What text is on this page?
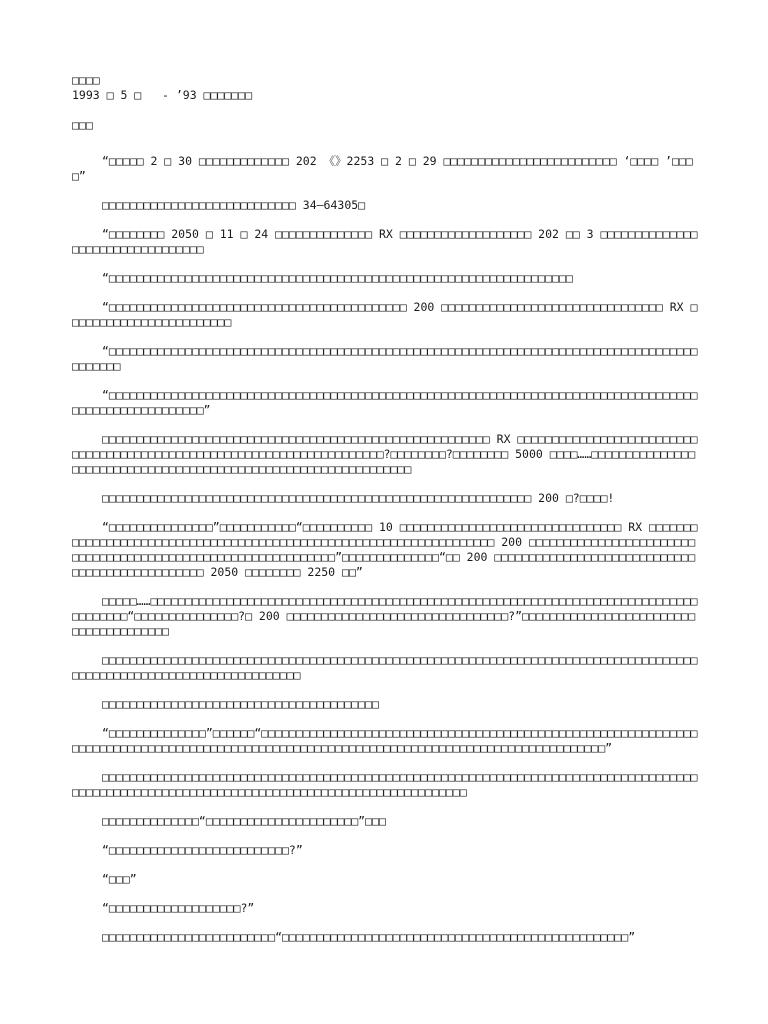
□□□□

1993 □ 5 □   - ’93 □□□□□□□

□□□

“□□□□□ 2 □ 30 □□□□□□□□□□□□□ 202 《》2253 □ 2 □ 29 □□□□□□□□□□□□□□□□□□□□□□□□□ ‘□□□□ ’□□□□”

□□□□□□□□□□□□□□□□□□□□□□□□□□□□ 34—64305□

“□□□□□□□□ 2050 □ 11 □ 24 □□□□□□□□□□□□□□ RX □□□□□□□□□□□□□□□□□□□ 202 □□ 3 □□□□□□□□□□□□□□□□□□□□□□□□□□□□□□□□□

“□□□□□□□□□□□□□□□□□□□□□□□□□□□□□□□□□□□□□□□□□□□□□□□□□□□□□□□□□□□□□□□□□□□

“□□□□□□□□□□□□□□□□□□□□□□□□□□□□□□□□□□□□□□□□□□□ 200 □□□□□□□□□□□□□□□□□□□□□□□□□□□□□□□□ RX □□□□□□□□□□□□□□□□□□□□□□□□

“□□□□□□□□□□□□□□□□□□□□□□□□□□□□□□□□□□□□□□□□□□□□□□□□□□□□□□□□□□□□□□□□□□□□□□□□□□□□□□□□□□□□□□□□□□□□

“□□□□□□□□□□□□□□□□□□□□□□□□□□□□□□□□□□□□□□□□□□□□□□□□□□□□□□□□□□□□□□□□□□□□□□□□□□□□□□□□□□□□□□□□□□□□□□□□□□□□□□□□”

□□□□□□□□□□□□□□□□□□□□□□□□□□□□□□□□□□□□□□□□□□□□□□□□□□□□□□□□ RX □□□□□□□□□□□□□□□□□□□□□□□□□□□□□□□□□□□□□□□□□□□□□□□□□□□□□□□□□□□□□□□□□□□□□□□?□□□□□□□□?□□□□□□□□ 5000 □□□□……□□□□□□□□□□□□□□□□□□□□□□□□□□□□□□□□□□□□□□□□□□□□□□□□□□□□□□□□□□□□□□□□

□□□□□□□□□□□□□□□□□□□□□□□□□□□□□□□□□□□□□□□□□□□□□□□□□□□□□□□□□□□□□□ 200 □?□□□□!

“□□□□□□□□□□□□□□□”□□□□□□□□□□□“□□□□□□□□□□ 10 □□□□□□□□□□□□□□□□□□□□□□□□□□□□□□□□ RX □□□□□□□□□□□□□□□□□□□□□□□□□□□□□□□□□□□□□□□□□□□□□□□□□□□□□□□□□□□□□□□□□□□□ 200 □□□□□□□□□□□□□□□□□□□□□□□□□□□□□□□□□□□□□□□□□□□□□□□□□□□□□□□□□□□□□□”□□□□□□□□□□□□□□“□□ 200 □□□□□□□□□□□□□□□□□□□□□□□□□□□□□□□□□□□□□□□□□□□□□□□□ 2050 □□□□□□□□ 2250 □□”

□□□□□……□□□□□□□□□□□□□□□□□□□□□□□□□□□□□□□□□□□□□□□□□□□□□□□□□□□□□□□□□□□□□□□□□□□□□□□□□□□□□□□□□□□□□□□“□□□□□□□□□□□□□□□?□ 200 □□□□□□□□□□□□□□□□□□□□□□□□□□□□□□□□?”□□□□□□□□□□□□□□□□□□□□□□□□□□□□□□□□□□□□□□□

□□□□□□□□□□□□□□□□□□□□□□□□□□□□□□□□□□□□□□□□□□□□□□□□□□□□□□□□□□□□□□□□□□□□□□□□□□□□□□□□□□□□□□□□□□□□□□□□□□□□□□□□□□□□□□□□□□□□□□□

□□□□□□□□□□□□□□□□□□□□□□□□□□□□□□□□□□□□□□□□

“□□□□□□□□□□□□□□”□□□□□□“□□□□□□□□□□□□□□□□□□□□□□□□□□□□□□□□□□□□□□□□□□□□□□□□□□□□□□□□□□□□□□□□□□□□□□□□□□□□□□□□□□□□□□□□□□□□□□□□□□□□□□□□□□□□□□□□□□□□□□□□□□□□□□□□□□□□□□□□□□□□”

□□□□□□□□□□□□□□□□□□□□□□□□□□□□□□□□□□□□□□□□□□□□□□□□□□□□□□□□□□□□□□□□□□□□□□□□□□□□□□□□□□□□□□□□□□□□□□□□□□□□□□□□□□□□□□□□□□□□□□□□□□□□□□□□□□□□□□□□□□□□□□□

□□□□□□□□□□□□□□“□□□□□□□□□□□□□□□□□□□□□□”□□□

“□□□□□□□□□□□□□□□□□□□□□□□□□□?”

“□□□”

“□□□□□□□□□□□□□□□□□□□?”

□□□□□□□□□□□□□□□□□□□□□□□□□“□□□□□□□□□□□□□□□□□□□□□□□□□□□□□□□□□□□□□□□□□□□□□□□□□□”
